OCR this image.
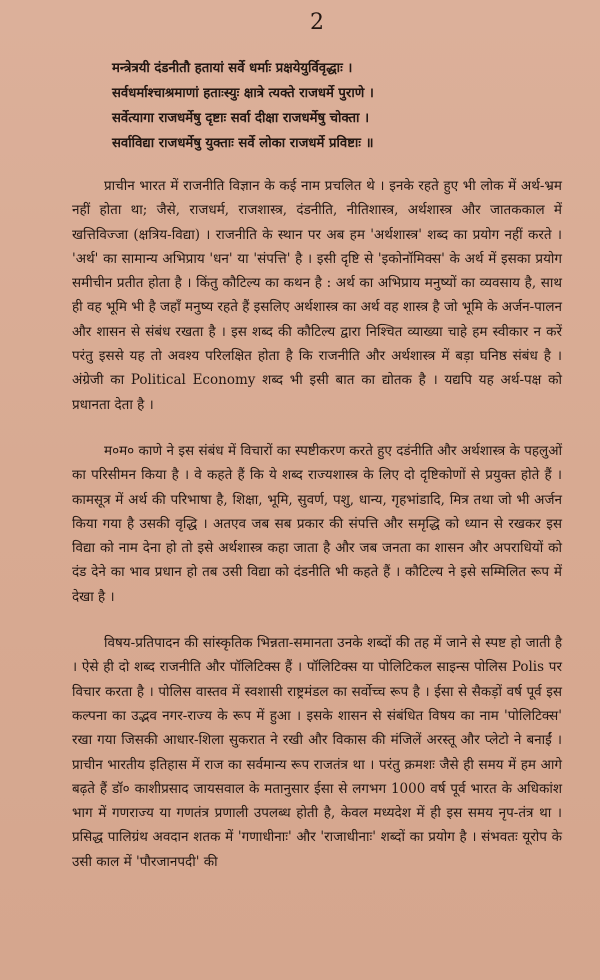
2
मन्त्रेत्रयी दंडनीतौ हतायां सर्वे धर्माः प्रक्षयेयुर्विवृद्धाः ।
सर्वधर्माश्चाश्रमाणां हताःस्युः क्षात्रे त्यक्ते राजधर्मे पुराणे ।
सर्वेत्यागा राजधर्मेषु दृष्टाः सर्वा दीक्षा राजधर्मेषु चोक्ता ।
सर्वाविद्या राजधर्मेषु युक्ताः सर्वे लोका राजधर्मे प्रविष्टाः ॥

प्राचीन भारत में राजनीति विज्ञान के कई नाम प्रचलित थे । इनके रहते हुए भी लोक में अर्थ-भ्रम नहीं होता था; जैसे, राजधर्म, राजशास्त्र, दंडनीति, नीतिशास्त्र, अर्थशास्त्र और जातककाल में खत्तिविज्जा (क्षत्रिय-विद्या) । राजनीति के स्थान पर अब हम 'अर्थशास्त्र' शब्द का प्रयोग नहीं करते । 'अर्थ' का सामान्य अभिप्राय 'धन' या 'संपत्ति' है । इसी दृष्टि से 'इकोनॉमिक्स' के अर्थ में इसका प्रयोग समीचीन प्रतीत होता है । किंतु कौटिल्य का कथन है : अर्थ का अभिप्राय मनुष्यों का व्यवसाय है, साथ ही वह भूमि भी है जहाँ मनुष्य रहते हैं इसलिए अर्थशास्त्र का अर्थ वह शास्त्र है जो भूमि के अर्जन-पालन और शासन से संबंध रखता है । इस शब्द की कौटिल्य द्वारा निश्चित व्याख्या चाहे हम स्वीकार न करें परंतु इससे यह तो अवश्य परिलक्षित होता है कि राजनीति और अर्थशास्त्र में बड़ा घनिष्ठ संबंध है । अंग्रेजी का Political Economy शब्द भी इसी बात का द्योतक है । यद्यपि यह अर्थ-पक्ष को प्रधानता देता है ।

म०म० काणे ने इस संबंध में विचारों का स्पष्टीकरण करते हुए दडंनीति और अर्थशास्त्र के पहलुओं का परिसीमन किया है । वे कहते हैं कि ये शब्द राज्यशास्त्र के लिए दो दृष्टिकोणों से प्रयुक्त होते हैं । कामसूत्र में अर्थ की परिभाषा है, शिक्षा, भूमि, सुवर्ण, पशु, धान्य, गृहभांडादि, मित्र तथा जो भी अर्जन किया गया है उसकी वृद्धि । अतएव जब सब प्रकार की संपत्ति और समृद्धि को ध्यान से रखकर इस विद्या को नाम देना हो तो इसे अर्थशास्त्र कहा जाता है और जब जनता का शासन और अपराधियों को दंड देने का भाव प्रधान हो तब उसी विद्या को दंडनीति भी कहते हैं । कौटिल्य ने इसे सम्मिलित रूप में देखा है ।

विषय-प्रतिपादन की सांस्कृतिक भिन्नता-समानता उनके शब्दों की तह में जाने से स्पष्ट हो जाती है । ऐसे ही दो शब्द राजनीति और पॉलिटिक्स हैं । पॉलिटिक्स या पोलिटिकल साइन्स पोलिस Polis पर विचार करता है । पोलिस वास्तव में स्वशासी राष्ट्रमंडल का सर्वोच्च रूप है । ईसा से सैकड़ों वर्ष पूर्व इस कल्पना का उद्भव नगर-राज्य के रूप में हुआ । इसके शासन से संबंधित विषय का नाम 'पोलिटिक्स' रखा गया जिसकी आधार-शिला सुकरात ने रखी और विकास की मंजिलें अरस्तू और प्लेटो ने बनाईं । प्राचीन भारतीय इतिहास में राज का सर्वमान्य रूप राजतंत्र था । परंतु क्रमशः जैसे ही समय में हम आगे बढ़ते हैं डॉ० काशीप्रसाद जायसवाल के मतानुसार ईसा से लगभग 1000 वर्ष पूर्व भारत के अधिकांश भाग में गणराज्य या गणतंत्र प्रणाली उपलब्ध होती है, केवल मध्यदेश में ही इस समय नृप-तंत्र था । प्रसिद्ध पालिग्रंथ अवदान शतक में 'गणाधीनाः' और 'राजाधीनाः' शब्दों का प्रयोग है । संभवतः यूरोप के उसी काल में 'पौरजानपदी' की
